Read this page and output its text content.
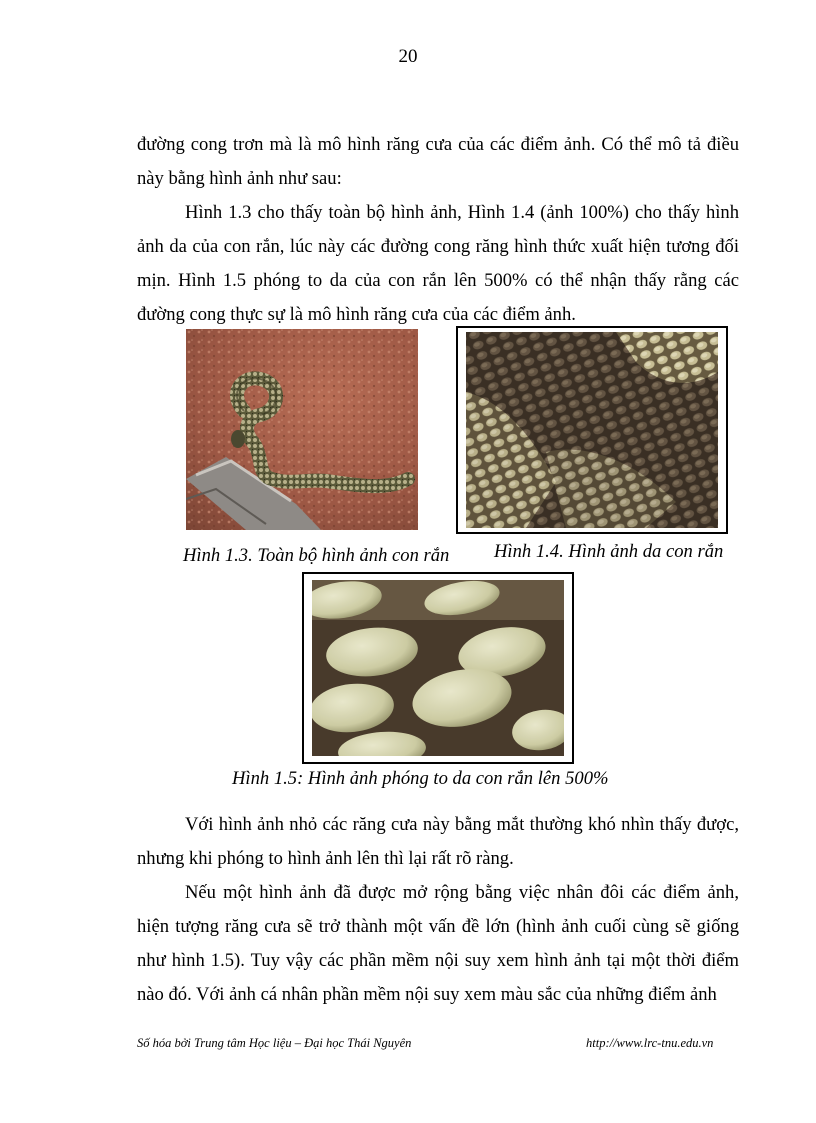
20

đường cong trơn mà là mô hình răng cưa của các điểm ảnh. Có thể mô tả điều này bằng hình ảnh như sau:

Hình 1.3 cho thấy toàn bộ hình ảnh, Hình 1.4 (ảnh 100%) cho thấy hình ảnh da của con rắn, lúc này các đường cong răng hình thức xuất hiện tương đối mịn. Hình 1.5 phóng to da của con rắn lên 500% có thể nhận thấy rằng các đường cong thực sự là mô hình răng cưa của các điểm ảnh.

Hình 1.3. Toàn bộ hình ảnh con rắn Hình 1.4. Hình ảnh da con rắn
Hình 1.5: Hình ảnh phóng to da con rắn lên 500%

Với hình ảnh nhỏ các răng cưa này bằng mắt thường khó nhìn thấy được, nhưng khi phóng to hình ảnh lên thì lại rất rõ ràng.

Nếu một hình ảnh đã được mở rộng bằng việc nhân đôi các điểm ảnh, hiện tượng răng cưa sẽ trở thành một vấn đề lớn (hình ảnh cuối cùng sẽ giống như hình 1.5). Tuy vậy các phần mềm nội suy xem hình ảnh tại một thời điểm nào đó. Với ảnh cá nhân phần mềm nội suy xem màu sắc của những điểm ảnh

Số hóa bởi Trung tâm Học liệu – Đại học Thái Nguyên	http://www.lrc-tnu.edu.vn
